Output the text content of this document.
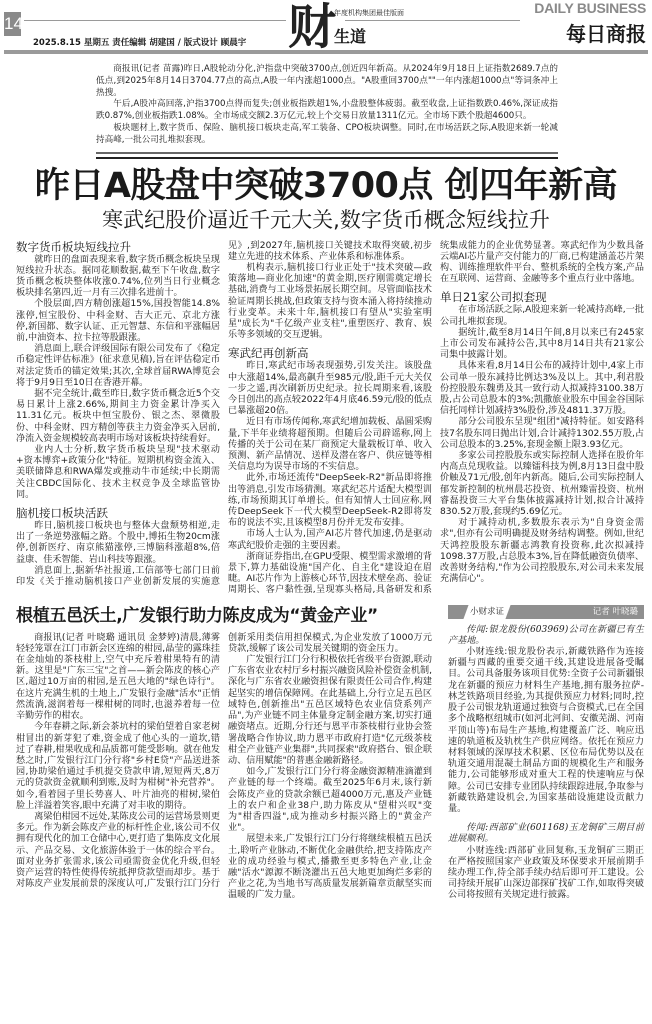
14
2025.8.15 星期五 责任编辑 胡建国 / 版式设计 顾晨宇 财
年度机构集团最佳版面
生道
DAILY BUSINESS
每日商报

商报讯(记者 苗露)昨日,A股轮动分化,沪指盘中突破3700点,创近四年新高。从2024年9月18日上证指数2689.7点的低点,到2025年8月14日3704.77点的高点,A股一年内涨超1000点。"A股重回3700点""一年内涨超1000点"等词条冲上热搜。

午后,A股冲高回落,沪指3700点得而复失;创业板指跌超1%,小盘股整体疲弱。截至收盘,上证指数跌0.46%,深证成指跌0.87%,创业板指跌1.08%。全市场成交额2.3万亿元,较上个交易日放量1311亿元。全市场下跌个股超4600只。

板块题材上,数字货币、保险、脑机接口板块走高,军工装备、CPO板块调整。同时,在市场活跃之际,A股迎来新一轮减持高峰,一批公司扎堆拟套现。

昨日A股盘中突破3700点 创四年新高
寒武纪股价逼近千元大关,数字货币概念短线拉升
数字货币板块短线拉升

就昨日的盘面表现来看,数字货币概念板块呈现短线拉升状态。据同花顺数据,截至下午收盘,数字货币概念板块整体收涨0.74%,位列当日行业概念板块排名第四,近一月有三次排名进前十。

个股层面,四方精创涨超15%,国投智能14.8%涨停,恒宝股份、中科金财、吉大正元、京北方涨停,新国都、数字认证、正元智慧、东信和平涨幅居前,中油资本、拉卡拉等股跟涨。

消息面上,联合评级国际有限公司发布了《稳定币稳定性评估标准》(征求意见稿),旨在评估稳定币对法定货币的锚定效果;其次,全球首届RWA博览会将于9月9日至10日在香港开幕。

据不完全统计,截至昨日,数字货币概念近5个交易日累计上涨2.66%,期间主力资金累计净买入11.31亿元。板块中恒宝股份、银之杰、翠微股份、中科金财、四方精创等获主力资金净买入居前,净流入资金规模较高表明市场对该板块持续看好。

业内人士分析,数字货币板块呈现"技术驱动+资本博弈+政策分化"特征。短期机构资金流入、美联储降息和RWA爆发或推动牛市延续;中长期需关注CBDC国际化、技术主权竞争及全球监管协同。

脑机接口板块活跃

昨日,脑机接口板块也与整体大盘颓势相逆,走出了一条逆势涨幅之路。个股中,博拓生物20cm涨停,创新医疗、南京熊猫涨停,三博脑科涨超8%,倍益康、佳禾智能、岩山科技等跟涨。

消息面上,据新华社报道,工信部等七部门日前印发《关于推动脑机接口产业创新发展的实施意见》,到2027年,脑机接口关键技术取得突破,初步建立先进的技术体系、产业体系和标准体系。

机构表示,脑机接口行业正处于"技术突破—政策落地—商业化加速"的黄金期,医疗刚需奠定增长基础,消费与工业场景拓展长期空间。尽管面临技术验证周期长挑战,但政策支持与资本涌入将持续推动行业变革。未来十年,脑机接口有望从"实验室明星"成长为"千亿级产业支柱",重塑医疗、教育、娱乐等多领域的交互逻辑。

寒武纪再创新高

昨日,寒武纪市场表现强势,引发关注。该股盘中大涨超14%,最高飙升至985元/股,距千元大关仅一步之遥,再次刷新历史纪录。拉长周期来看,该股今日创出的高点较2022年4月底46.59元/股的低点已暴涨超20倍。

近日有市场传闻称,寒武纪增加载板、晶圆采购量,下半年业绩将超预期。但随后公司辟谣称,网上传播的关于公司在某厂商预定大量载板订单、收入预测、新产品情况、送样及潜在客户、供应链等相关信息均为误导市场的不实信息。

此外,市场还流传"DeepSeek-R2"新品即将推出等消息,引发市场猜测。寒武纪芯片适配大模型训练,市场预期其订单增长。但有知情人士回应称,网传DeepSeek下一代大模型DeepSeek-R2即将发布的说法不实,且该模型8月份并无发布安排。

市场人士认为,国产AI芯片替代加速,仍是驱动寒武纪股价走强的主要因素。

浙商证券指出,在GPU受限、模型需求激增的背景下,算力基础设施"国产化、自主化"建设迫在眉睫。AI芯片作为上游核心环节,因技术壁垒高、验证周期长、客户黏性强,呈现寡头格局,具备研发和系统集成能力的企业优势显著。寒武纪作为少数具备云端AI芯片量产交付能力的厂商,已构建涵盖芯片架构、训练推理软件平台、整机系统的全栈方案,产品在互联网、运营商、金融等多个重点行业中落地。

单日21家公司拟套现

在市场活跃之际,A股迎来新一轮减持高峰,一批公司扎堆拟套现。

据统计,截至8月14日午间,8月以来已有245家上市公司发布减持公告,其中8月14日共有21家公司集中披露计划。

具体来看,8月14日公布的减持计划中,4家上市公司单一股东减持比例达3%及以上。其中,利君股份控股股东魏勇及其一致行动人拟减持3100.38万股,占公司总股本的3%;凯撒旅业股东中国金谷国际信托同样计划减持3%股份,涉及4811.37万股。

部分公司股东呈现"组团"减持特征。如安路科技7名股东同日抛出计划,合计减持1302.55万股,占公司总股本的3.25%,套现金额上限3.93亿元。

多家公司控股股东或实际控制人选择在股价年内高点兑现收益。以臻镭科技为例,8月13日盘中股价触及71元/股,创年内新高。随后,公司实际控制人郁发新控制的杭州晨芯投资、杭州臻雷投资、杭州睿磊投资三大平台集体披露减持计划,拟合计减持830.52万股,套现约5.69亿元。

对于减持动机,多数股东表示为"自身资金需求",但亦有公司明确提及财务结构调整。例如,世纪天鸿控股股东新疆志鸿教育投资称,此次拟减持1098.37万股,占总股本3%,旨在降低融资负债率、改善财务结构,"作为公司控股股东,对公司未来发展充满信心"。

根植五邑沃土,广发银行助力陈皮成为“黄金产业”

商报讯(记者 叶晓璐 通讯员 金梦婷)清晨,薄雾轻轻笼罩在江门市新会区连绵的柑园,晶莹的露珠挂在金灿灿的茶枝柑上,空气中充斥着柑果特有的清新。这里是"广东三宝"之首——新会陈皮的核心产区,超过10万亩的柑园,是五邑大地的"绿色诗行"。在这片充满生机的土地上,广发银行金融"活水"正悄然流淌,滋润着每一棵柑树的同时,也滋养着每一位辛勤劳作的柑农。

今年春耕之际,新会茶坑村的梁伯望着自家老树柑冒出的新芽犯了难,资金成了他心头的一道坎,错过了春耕,柑果收成和品质都可能受影响。就在他发愁之时,广发银行江门分行将"乡村E贷"产品送进茶园,协助梁伯通过手机提交贷款申请,短短两天,8万元的贷款资金就顺利到账,及时为柑树"补充营养"。如今,看着园子里长势喜人、叶片油亮的柑树,梁伯脸上洋溢着笑容,眼中充满了对丰收的期待。

离梁伯柑园不远处,某陈皮公司的运营场景则更多元。作为新会陈皮产业的标杆性企业,该公司不仅拥有现代化的加工仓储中心,更打造了集陈皮文化展示、产品交易、文化旅游体验于一体的综合平台。面对业务扩张需求,该公司亟需资金优化升级,但轻资产运营的特性使得传统抵押贷款望而却步。基于对陈皮产业发展前景的深度认可,广发银行江门分行创新采用类信用担保模式,为企业发放了1000万元贷款,缓解了该公司发展关键期的资金压力。

广发银行江门分行积极依托省级平台资源,联动广东省农业农村厅乡村振兴融资风险补偿资金机制,深化与广东省农业融资担保有限责任公司合作,构建起坚实的增信保障网。在此基础上,分行立足五邑区域特色,创新推出"五邑区域特色农业信贷系列产品",为产业链不同主体量身定制金融方案,切实打通融资堵点。近期,分行还与恩平市茶枝柑行业协会签署战略合作协议,助力恩平市政府打造"亿元级茶枝柑全产业链产业集群",共同探索"政府搭台、银企联动、信用赋能"的普惠金融新路径。

如今,广发银行江门分行将金融资源精准滴灌到产业链的每一个终端。截至2025年6月末,该行新会陈皮产业的贷款余额已超4000万元,惠及产业链上的农户和企业38户,助力陈皮从"望柑兴叹"变为"柑香四溢",成为推动乡村振兴路上的"黄金产业"。

展望未来,广发银行江门分行将继续根植五邑沃土,聆听产业脉动,不断优化金融供给,把支持陈皮产业的成功经验与模式,播撒至更多特色产业,让金融"活水"源源不断浇灌出五邑大地更加绚烂多彩的产业之花,为当地书写高质量发展新篇章贡献坚实而温暖的广发力量。

小财求证	记者 叶晓璐

传闻:银龙股份(603969)公司在新疆已有生产基地。

小财连线:银龙股份表示,新藏铁路作为连接新疆与西藏的重要交通干线,其建设进展备受瞩目。公司具备服务该项目优势:全资子公司新疆银龙在新疆的预应力材料生产基地,拥有服务拉萨-林芝铁路项目经验,为其提供预应力材料;同时,控股子公司银龙轨道通过独资与合资模式,已在全国多个战略枢纽城市(如河北河间、安徽芜湖、河南平顶山等)布局生产基地,构建覆盖广泛、响应迅速的轨道板及轨枕生产供应网络。依托在预应力材料领域的深厚技术积累、区位布局优势以及在轨道交通用混凝土制品方面的规模化生产和服务能力,公司能够形成对重大工程的快速响应与保障。公司已安排专业团队持续跟踪进展,争取参与新藏铁路建设机会,为国家基础设施建设贡献力量。

传闻:西部矿业(601168)玉龙铜矿三期目前进展顺利。

小财连线:西部矿业回复称,玉龙铜矿三期正在严格按照国家产业政策及环保要求开展前期手续办理工作,待全部手续办结后即可开工建设。公司持续开展矿山深边部探矿找矿工作,如取得突破公司将按照有关规定进行披露。
